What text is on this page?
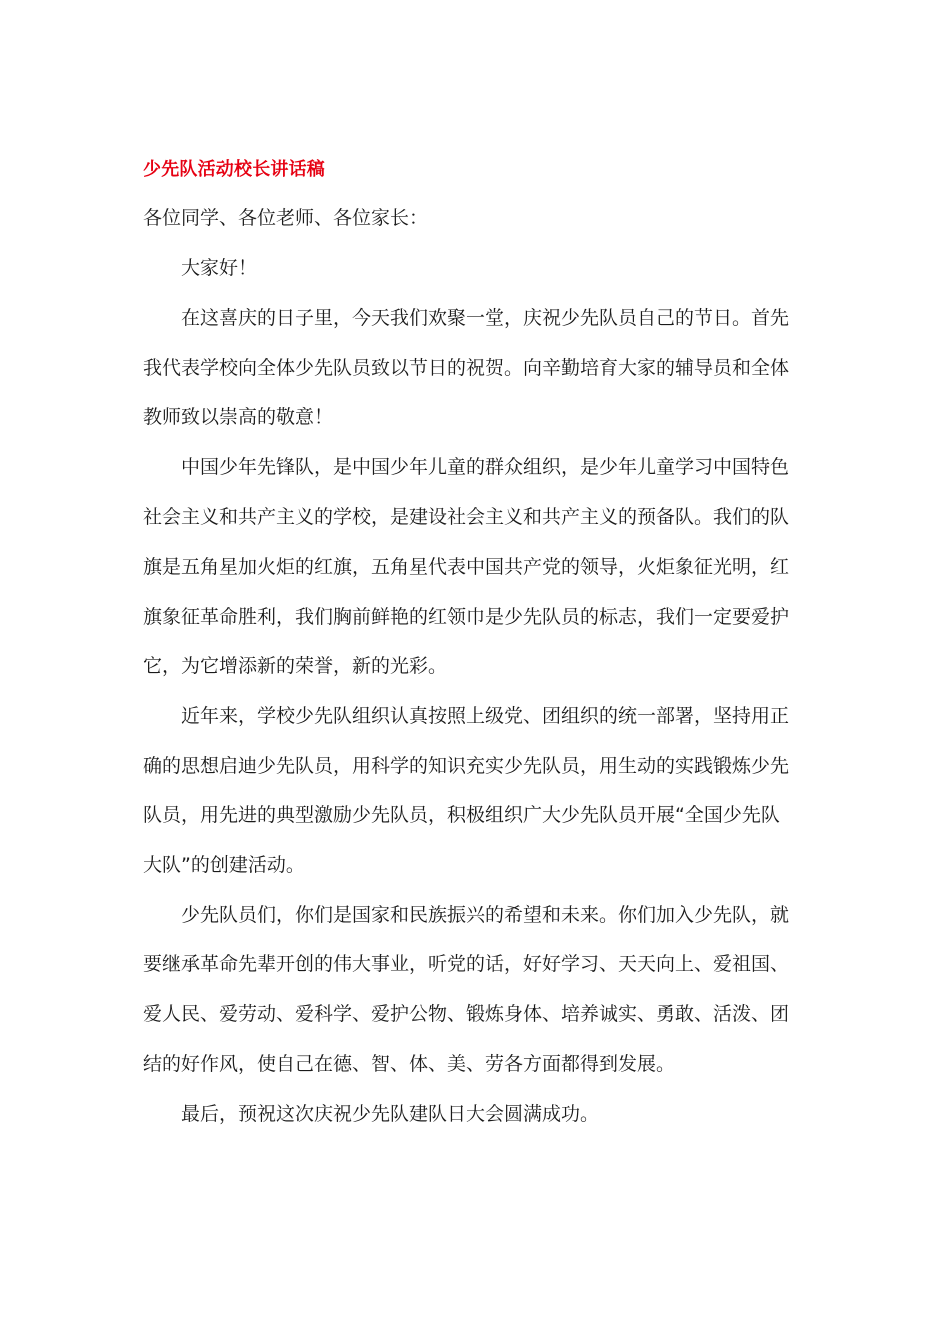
少先队活动校长讲话稿
各位同学、各位老师、各位家长：
大家好！
在这喜庆的日子里，今天我们欢聚一堂，庆祝少先队员自己的节日。首先
我代表学校向全体少先队员致以节日的祝贺。向辛勤培育大家的辅导员和全体
教师致以崇高的敬意！
中国少年先锋队，是中国少年儿童的群众组织，是少年儿童学习中国特色
社会主义和共产主义的学校，是建设社会主义和共产主义的预备队。我们的队
旗是五角星加火炬的红旗，五角星代表中国共产党的领导，火炬象征光明，红
旗象征革命胜利，我们胸前鲜艳的红领巾是少先队员的标志，我们一定要爱护
它，为它增添新的荣誉，新的光彩。
近年来，学校少先队组织认真按照上级党、团组织的统一部署，坚持用正
确的思想启迪少先队员，用科学的知识充实少先队员，用生动的实践锻炼少先
队员，用先进的典型激励少先队员，积极组织广大少先队员开展“全国少先队
大队”的创建活动。
少先队员们，你们是国家和民族振兴的希望和未来。你们加入少先队，就
要继承革命先辈开创的伟大事业，听党的话，好好学习、天天向上、爱祖国、
爱人民、爱劳动、爱科学、爱护公物、锻炼身体、培养诚实、勇敢、活泼、团
结的好作风，使自己在德、智、体、美、劳各方面都得到发展。
最后，预祝这次庆祝少先队建队日大会圆满成功。
